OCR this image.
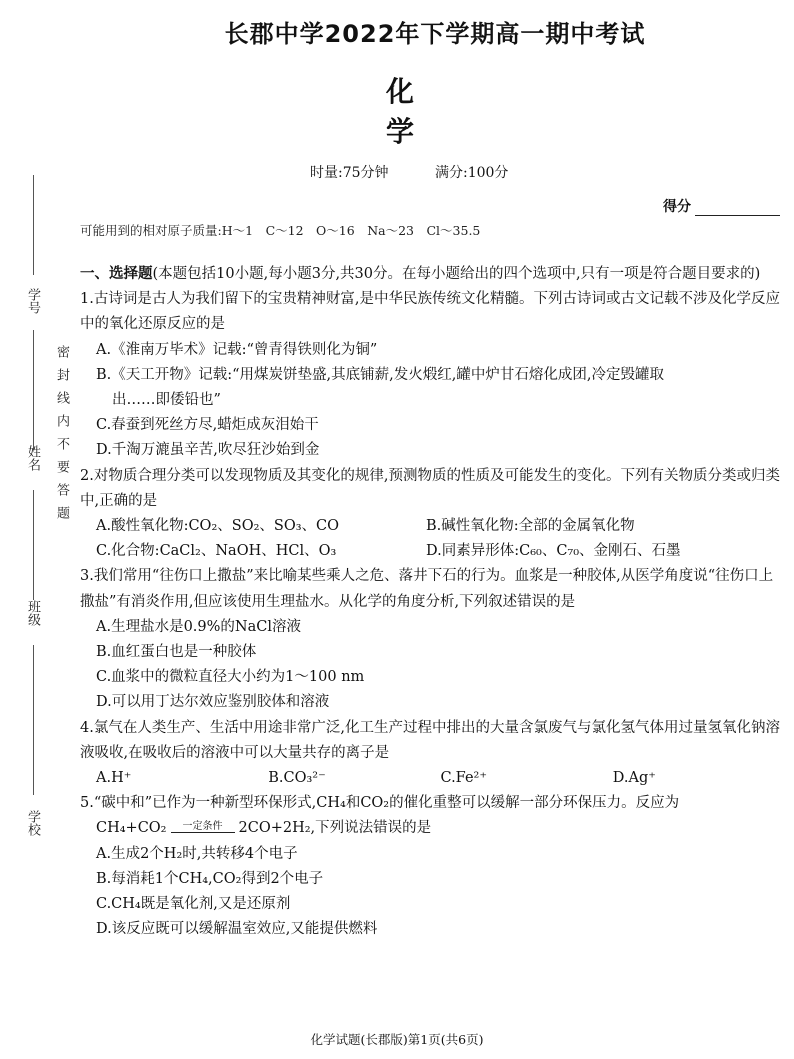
学号
姓名
班级
学校
密封线内不要答题
长郡中学2022年下学期高一期中考试
化　学
时量:75分钟	满分:100分
得分
可能用到的相对原子质量:H～1　C～12　O～16　Na～23　Cl～35.5

一、选择题(本题包括10小题,每小题3分,共30分。在每小题给出的四个选项中,只有一项是符合题目要求的)

1.古诗词是古人为我们留下的宝贵精神财富,是中华民族传统文化精髓。下列古诗词或古文记载不涉及化学反应中的氧化还原反应的是

A.《淮南万毕术》记载:“曾青得铁则化为铜”

B.《天工开物》记载:“用煤炭饼垫盛,其底铺薪,发火煅红,罐中炉甘石熔化成团,冷定毁罐取

出……即倭铅也”

C.春蚕到死丝方尽,蜡炬成灰泪始干

D.千淘万漉虽辛苦,吹尽狂沙始到金

2.对物质合理分类可以发现物质及其变化的规律,预测物质的性质及可能发生的变化。下列有关物质分类或归类中,正确的是

A.酸性氧化物:CO₂、SO₂、SO₃、CO	B.碱性氧化物:全部的金属氧化物
C.化合物:CaCl₂、NaOH、HCl、O₃	D.同素异形体:C₆₀、C₇₀、金刚石、石墨

3.我们常用“往伤口上撒盐”来比喻某些乘人之危、落井下石的行为。血浆是一种胶体,从医学角度说“往伤口上撒盐”有消炎作用,但应该使用生理盐水。从化学的角度分析,下列叙述错误的是

A.生理盐水是0.9%的NaCl溶液

B.血红蛋白也是一种胶体

C.血浆中的微粒直径大小约为1～100 nm

D.可以用丁达尔效应鉴别胶体和溶液

4.氯气在人类生产、生活中用途非常广泛,化工生产过程中排出的大量含氯废气与氯化氢气体用过量氢氧化钠溶液吸收,在吸收后的溶液中可以大量共存的离子是

A.H⁺	B.CO₃²⁻	C.Fe²⁺	D.Ag⁺

5.“碳中和”已作为一种新型环保形式,CH₄和CO₂的催化重整可以缓解一部分环保压力。反应为

CH₄+CO₂ 一定条件 2CO+2H₂,下列说法错误的是

A.生成2个H₂时,共转移4个电子

B.每消耗1个CH₄,CO₂得到2个电子

C.CH₄既是氧化剂,又是还原剂

D.该反应既可以缓解温室效应,又能提供燃料

化学试题(长郡版)第1页(共6页)
